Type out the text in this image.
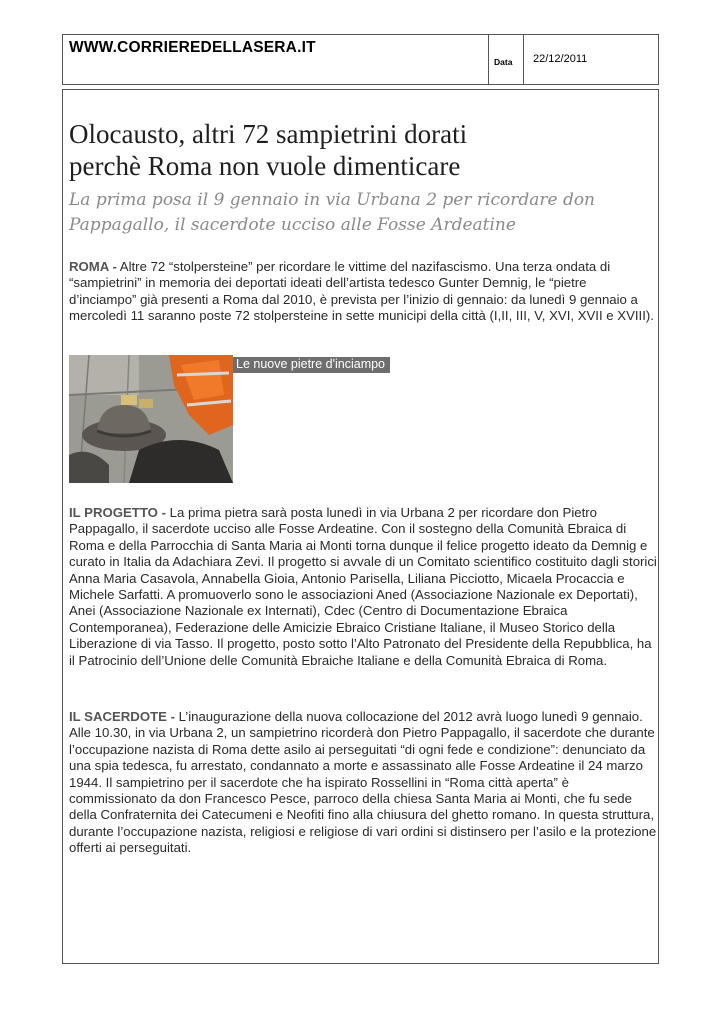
WWW.CORRIEREDELLASERA.IT
Data 22/12/2011
Olocausto, altri 72 sampietrini dorati
perchè Roma non vuole dimenticare

La prima posa il 9 gennaio in via Urbana 2 per ricordare don Pappagallo, il sacerdote ucciso alle Fosse Ardeatine

ROMA - Altre 72 “stolpersteine” per ricordare le vittime del nazifascismo. Una terza ondata di “sampietrini” in memoria dei deportati ideati dell’artista tedesco Gunter Demnig, le “pietre d’inciampo” già presenti a Roma dal 2010, è prevista per l’inizio di gennaio: da lunedì 9 gennaio a mercoledì 11 saranno poste 72 stolpersteine in sette municipi della città (I,II, III, V, XVI, XVII e XVIII).

Le nuove pietre d'inciampo

IL PROGETTO - La prima pietra sarà posta lunedì in via Urbana 2 per ricordare don Pietro Pappagallo, il sacerdote ucciso alle Fosse Ardeatine. Con il sostegno della Comunità Ebraica di Roma e della Parrocchia di Santa Maria ai Monti torna dunque il felice progetto ideato da Demnig e curato in Italia da Adachiara Zevi. Il progetto si avvale di un Comitato scientifico costituito dagli storici Anna Maria Casavola, Annabella Gioia, Antonio Parisella, Liliana Picciotto, Micaela Procaccia e Michele Sarfatti. A promuoverlo sono le associazioni Aned (Associazione Nazionale ex Deportati), Anei (Associazione Nazionale ex Internati), Cdec (Centro di Documentazione Ebraica Contemporanea), Federazione delle Amicizie Ebraico Cristiane Italiane, il Museo Storico della Liberazione di via Tasso. Il progetto, posto sotto l’Alto Patronato del Presidente della Repubblica, ha il Patrocinio dell’Unione delle Comunità Ebraiche Italiane e della Comunità Ebraica di Roma.

IL SACERDOTE - L’inaugurazione della nuova collocazione del 2012 avrà luogo lunedì 9 gennaio. Alle 10.30, in via Urbana 2, un sampietrino ricorderà don Pietro Pappagallo, il sacerdote che durante l’occupazione nazista di Roma dette asilo ai perseguitati “di ogni fede e condizione”: denunciato da una spia tedesca, fu arrestato, condannato a morte e assassinato alle Fosse Ardeatine il 24 marzo 1944. Il sampietrino per il sacerdote che ha ispirato Rossellini in “Roma città aperta” è commissionato da don Francesco Pesce, parroco della chiesa Santa Maria ai Monti, che fu sede della Confraternita dei Catecumeni e Neofiti fino alla chiusura del ghetto romano. In questa struttura, durante l’occupazione nazista, religiosi e religiose di vari ordini si distinsero per l’asilo e la protezione offerti ai perseguitati.
